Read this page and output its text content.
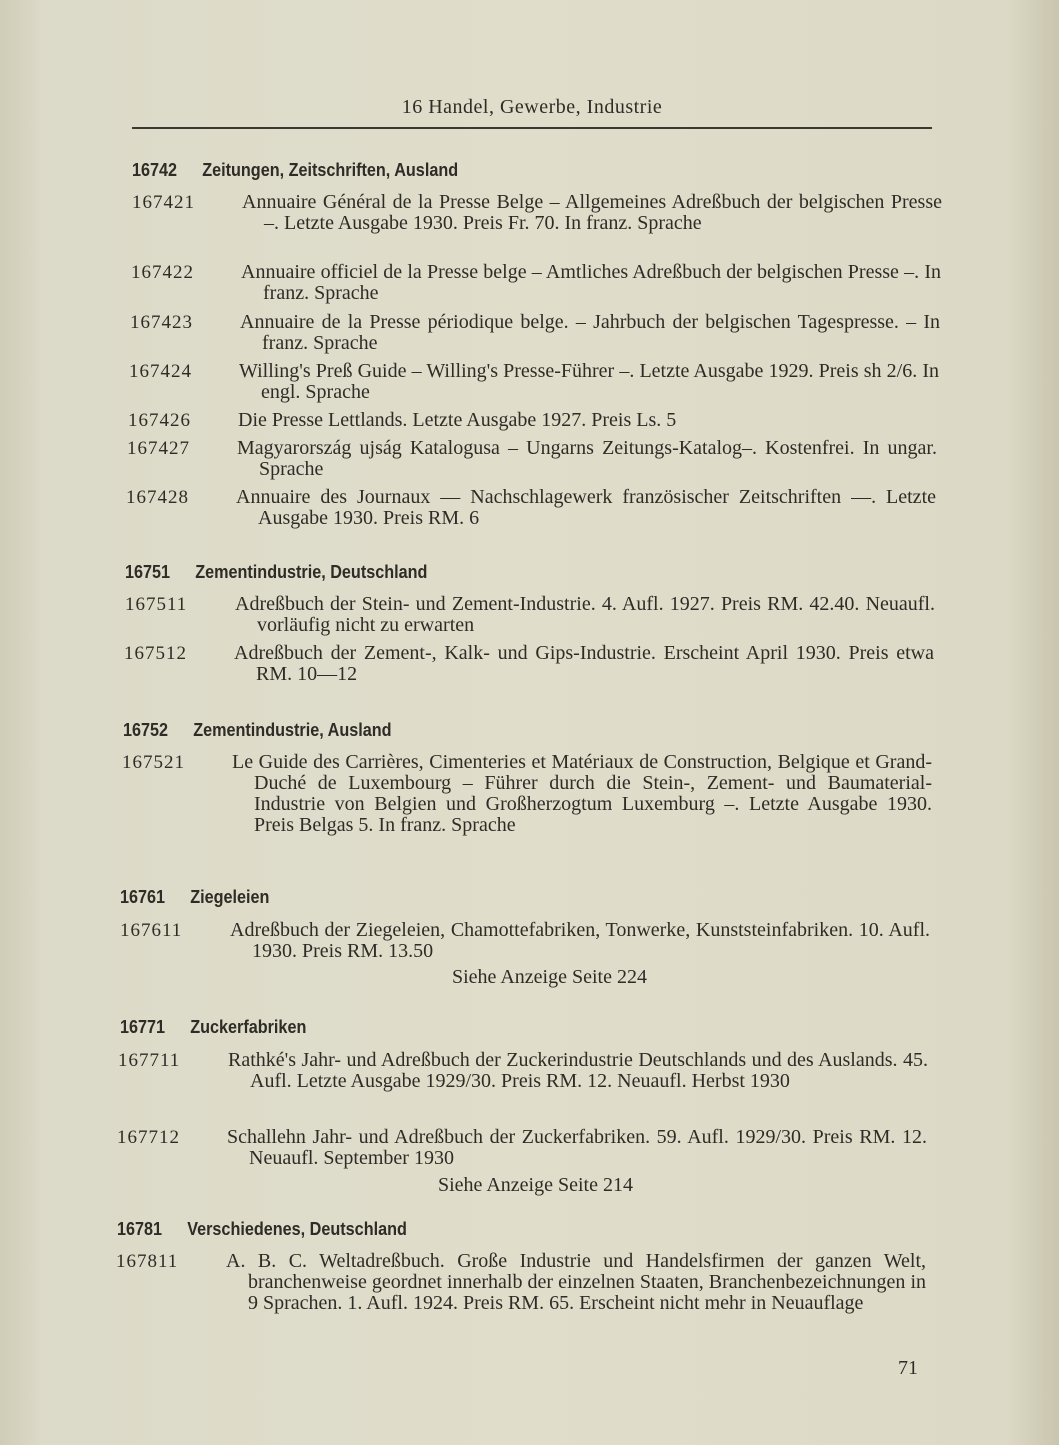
16 Handel, Gewerbe, Industrie
16742 Zeitungen, Zeitschriften, Ausland
167421 Annuaire Général de la Presse Belge – Allgemeines Adreßbuch der belgischen Presse –. Letzte Ausgabe 1930. Preis Fr. 70. In franz. Sprache
167422 Annuaire officiel de la Presse belge – Amtliches Adreßbuch der belgischen Presse –. In franz. Sprache
167423 Annuaire de la Presse périodique belge. – Jahrbuch der belgischen Tagespresse. – In franz. Sprache
167424 Willing's Preß Guide – Willing's Presse-Führer –. Letzte Ausgabe 1929. Preis sh 2/6. In engl. Sprache
167426 Die Presse Lettlands. Letzte Ausgabe 1927. Preis Ls. 5
167427 Magyarország ujság Katalogusa – Ungarns Zeitungs-Katalog–. Kostenfrei. In ungar. Sprache
167428 Annuaire des Journaux — Nachschlagewerk französischer Zeitschriften —. Letzte Ausgabe 1930. Preis RM. 6
16751 Zementindustrie, Deutschland
167511 Adreßbuch der Stein- und Zement-Industrie. 4. Aufl. 1927. Preis RM. 42.40. Neuaufl. vorläufig nicht zu erwarten
167512 Adreßbuch der Zement-, Kalk- und Gips-Industrie. Erscheint April 1930. Preis etwa RM. 10—12
16752 Zementindustrie, Ausland
167521 Le Guide des Carrières, Cimenteries et Matériaux de Construction, Belgique et Grand-Duché de Luxembourg – Führer durch die Stein-, Zement- und Baumaterial-Industrie von Belgien und Großherzogtum Luxemburg –. Letzte Ausgabe 1930. Preis Belgas 5. In franz. Sprache
16761 Ziegeleien
167611 Adreßbuch der Ziegeleien, Chamottefabriken, Tonwerke, Kunststeinfabriken. 10. Aufl. 1930. Preis RM. 13.50
Siehe Anzeige Seite 224
16771 Zuckerfabriken
167711 Rathké's Jahr- und Adreßbuch der Zuckerindustrie Deutschlands und des Auslands. 45. Aufl. Letzte Ausgabe 1929/30. Preis RM. 12. Neuaufl. Herbst 1930
167712 Schallehn Jahr- und Adreßbuch der Zuckerfabriken. 59. Aufl. 1929/30. Preis RM. 12. Neuaufl. September 1930
Siehe Anzeige Seite 214
16781 Verschiedenes, Deutschland
167811 A. B. C. Weltadreßbuch. Große Industrie und Handelsfirmen der ganzen Welt, branchenweise geordnet innerhalb der einzelnen Staaten, Branchenbezeichnungen in 9 Sprachen. 1. Aufl. 1924. Preis RM. 65. Erscheint nicht mehr in Neuauflage
71
